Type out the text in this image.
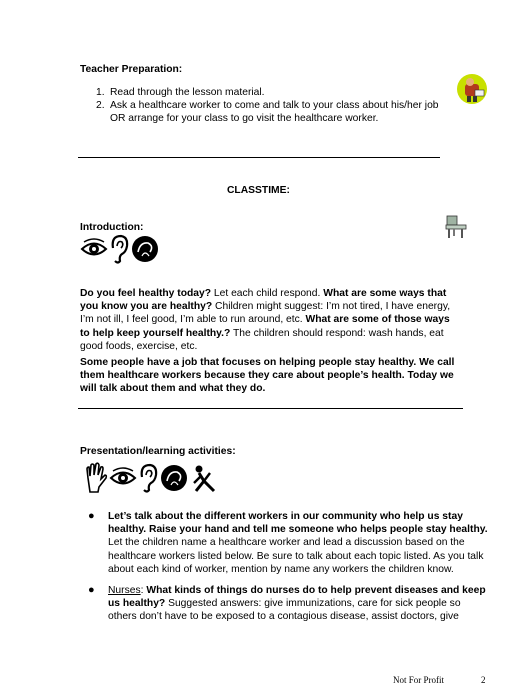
Teacher Preparation:
1. Read through the lesson material.
2. Ask a healthcare worker to come and talk to your class about his/her job OR arrange for your class to go visit the healthcare worker.
CLASSTIME:
Introduction:
Do you feel healthy today? Let each child respond. What are some ways that you know you are healthy? Children might suggest: I’m not tired, I have energy, I’m not ill, I feel good, I’m able to run around, etc. What are some of those ways to help keep yourself healthy.? The children should respond: wash hands, eat good foods, exercise, etc.
Some people have a job that focuses on helping people stay healthy. We call them healthcare workers because they care about people’s health. Today we will talk about them and what they do.
Presentation/learning activities:
● Let’s talk about the different workers in our community who help us stay healthy. Raise your hand and tell me someone who helps people stay healthy. Let the children name a healthcare worker and lead a discussion based on the healthcare workers listed below. Be sure to talk about each topic listed. As you talk about each kind of worker, mention by name any workers the children know.
● Nurses: What kinds of things do nurses do to help prevent diseases and keep us healthy? Suggested answers: give immunizations, care for sick people so others don’t have to be exposed to a contagious disease, assist doctors, give
Not For Profit	2
